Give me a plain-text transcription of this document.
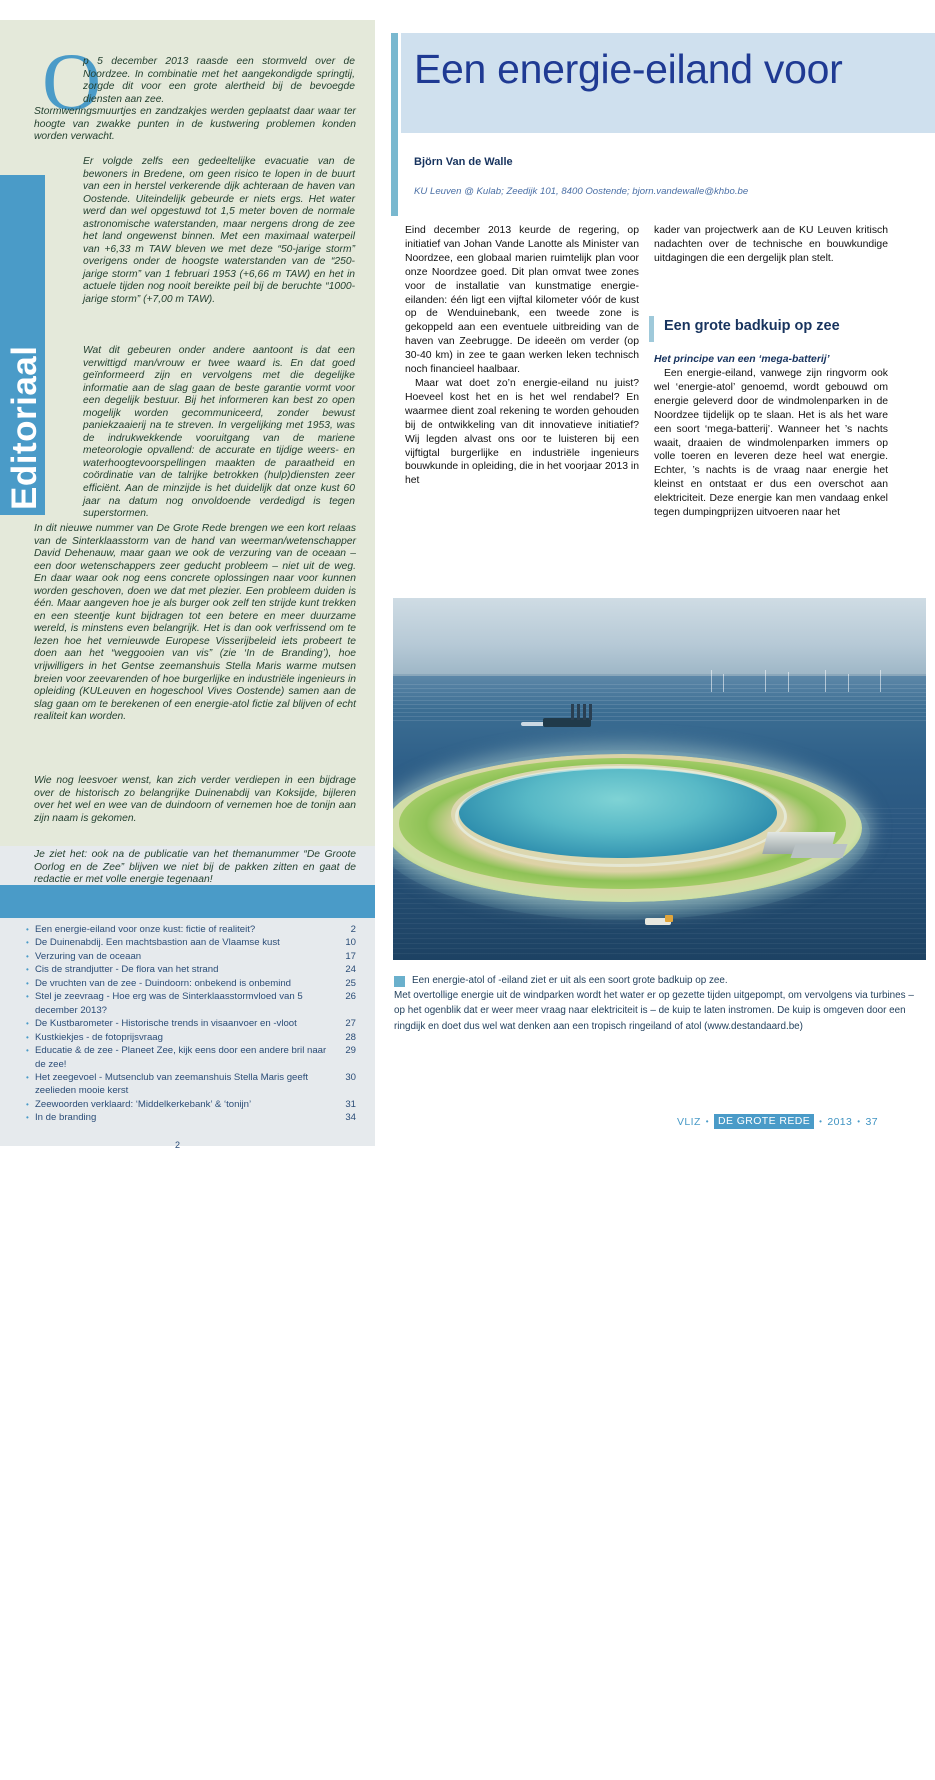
Editoriaal
O
p 5 december 2013 raasde een stormveld over de Noordzee. In combinatie met het aangekondigde springtij, zorgde dit voor een grote alertheid bij de bevoegde diensten aan zee.
Stormweringsmuurtjes en zandzakjes werden geplaatst daar waar ter hoogte van zwakke punten in de kustwering problemen konden worden verwacht.
Er volgde zelfs een gedeeltelijke evacuatie van de bewoners in Bredene, om geen risico te lopen in de buurt van een in herstel verkerende dijk achteraan de haven van Oostende. Uiteindelijk gebeurde er niets ergs. Het water werd dan wel opgestuwd tot 1,5 meter boven de normale astronomische waterstanden, maar nergens drong de zee het land ongewenst binnen. Met een maximaal waterpeil van +6,33 m TAW bleven we met deze “50-jarige storm” overigens onder de hoogste waterstanden van de “250-jarige storm” van 1 februari 1953 (+6,66 m TAW) en het in actuele tijden nog nooit bereikte peil bij de beruchte “1000-jarige storm” (+7,00 m TAW).
Wat dit gebeuren onder andere aantoont is dat een verwittigd man/vrouw er twee waard is. En dat goed geïnformeerd zijn en vervolgens met die degelijke informatie aan de slag gaan de beste garantie vormt voor een degelijk bestuur. Bij het informeren kan best zo open mogelijk worden gecommuniceerd, zonder bewust paniekzaaierij na te streven. In vergelijking met 1953, was de indrukwekkende vooruitgang van de mariene meteorologie opvallend: de accurate en tijdige weers- en waterhoogtevoorspellingen maakten de paraatheid en coördinatie van de talrijke betrokken (hulp)diensten zeer efficiënt. Aan de minzijde is het duidelijk dat onze kust 60 jaar na datum nog onvoldoende verdedigd is tegen superstormen.
In dit nieuwe nummer van De Grote Rede brengen we een kort relaas van de Sinterklaasstorm van de hand van weerman/wetenschapper David Dehenauw, maar gaan we ook de verzuring van de oceaan – een door wetenschappers zeer geducht probleem – niet uit de weg. En daar waar ook nog eens concrete oplossingen naar voor kunnen worden geschoven, doen we dat met plezier. Een probleem duiden is één. Maar aangeven hoe je als burger ook zelf ten strijde kunt trekken en een steentje kunt bijdragen tot een betere en meer duurzame wereld, is minstens even belangrijk. Het is dan ook verfrissend om te lezen hoe het vernieuwde Europese Visserijbeleid iets probeert te doen aan het “weggooien van vis” (zie ‘In de Branding’), hoe vrijwilligers in het Gentse zeemanshuis Stella Maris warme mutsen breien voor zeevarenden of hoe burgerlijke en industriële ingenieurs in opleiding (KULeuven en hogeschool Vives Oostende) samen aan de slag gaan om te berekenen of een energie-atol fictie zal blijven of echt realiteit kan worden.
Wie nog leesvoer wenst, kan zich verder verdiepen in een bijdrage over de historisch zo belangrijke Duinenabdij van Koksijde, bijleren over het wel en wee van de duindoorn of vernemen hoe de tonijn aan zijn naam is gekomen.
Je ziet het: ook na de publicatie van het themanummer “De Groote Oorlog en de Zee” blijven we niet bij de pakken zitten en gaat de redactie er met volle energie tegenaan!
I N H O U D
• Een energie-eiland voor onze kust: fictie of realiteit?	2
• De Duinenabdij. Een machtsbastion aan de Vlaamse kust	10
• Verzuring van de oceaan	17
• Cis de strandjutter - De flora van het strand	24
• De vruchten van de zee - Duindoorn: onbekend is onbemind	25
• Stel je zeevraag - Hoe erg was de Sinterklaasstormvloed van 5 december 2013?
26
• De Kustbarometer - Historische trends in visaanvoer en -vloot	27
• Kustkiekjes - de fotoprijsvraag	28
• Educatie & de zee - Planeet Zee, kijk eens door een andere bril naar de zee!
29
• Het zeegevoel - Mutsenclub van zeemanshuis Stella Maris geeft zeelieden mooie kerst
30
• Zeewoorden verklaard: ‘Middelkerkebank’ & ‘tonijn’	31
• In de branding	34
2
Een energie-eiland voor
Björn Van de Walle
KU Leuven @ Kulab; Zeedijk 101, 8400 Oostende; bjorn.vandewalle@khbo.be

Eind december 2013 keurde de regering, op initiatief van Johan Vande Lanotte als Minister van Noordzee, een globaal marien ruimtelijk plan voor onze Noordzee goed. Dit plan omvat twee zones voor de installatie van kunstmatige energie-eilanden: één ligt een vijftal kilometer vóór de kust op de Wenduinebank, een tweede zone is gekoppeld aan een eventuele uitbreiding van de haven van Zeebrugge. De ideeën om verder (op 30-40 km) in zee te gaan werken leken technisch noch financieel haalbaar.

Maar wat doet zo’n energie-eiland nu juist? Hoeveel kost het en is het wel rendabel? En waarmee dient zoal rekening te worden gehouden bij de ontwikkeling van dit innovatieve initiatief? Wij legden alvast ons oor te luisteren bij een vijftigtal burgerlijke en industriële ingenieurs bouwkunde in opleiding, die in het voorjaar 2013 in het

kader van projectwerk aan de KU Leuven kritisch nadachten over de technische en bouwkundige uitdagingen die een dergelijk plan stelt.

Een grote badkuip op zee
Het principe van een ‘mega-batterij’

Een energie-eiland, vanwege zijn ringvorm ook wel ‘energie-atol’ genoemd, wordt gebouwd om energie geleverd door de windmolenparken in de Noordzee tijdelijk op te slaan. Het is als het ware een soort ‘mega-batterij’. Wanneer het ’s nachts waait, draaien de windmolenparken immers op volle toeren en leveren deze heel wat energie. Echter, ’s nachts is de vraag naar energie het kleinst en ontstaat er dus een overschot aan elektriciteit. Deze energie kan men vandaag enkel tegen dumpingprijzen uitvoeren naar het

Een energie-atol of -eiland ziet er uit als een soort grote badkuip op zee.
Met overtollige energie uit de windparken wordt het water er op gezette tijden uitgepompt, om vervolgens via turbines – op het ogenblik dat er weer meer vraag naar elektriciteit is – de kuip te laten instromen. De kuip is omgeven door een ringdijk en doet dus wel wat denken aan een tropisch ringeiland of atol (www.destandaard.be)
VLIZ • DE GROTE REDE	• 2013 • 37
